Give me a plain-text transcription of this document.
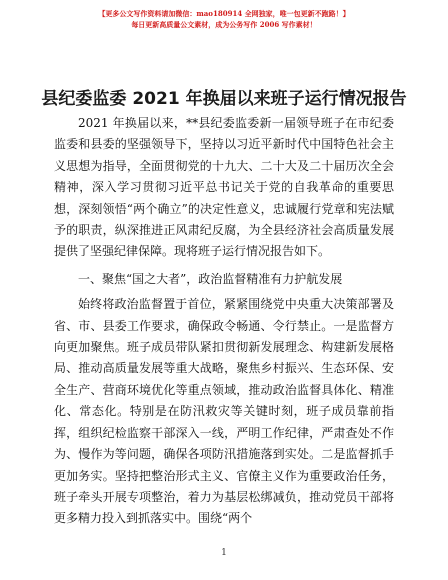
【更多公文写作资料请加微信：mao180914 全网独家，唯一包更新不跑路！】
每日更新高质量公文素材，成为公务写作 2006 写作素材！
县纪委监委 2021 年换届以来班子运行情况报告

2021 年换届以来，**县纪委监委新一届领导班子在市纪委监委和县委的坚强领导下，坚持以习近平新时代中国特色社会主义思想为指导，全面贯彻党的十九大、二十大及二十届历次全会精神，深入学习贯彻习近平总书记关于党的自我革命的重要思想，深刻领悟“两个确立”的决定性意义，忠诚履行党章和宪法赋予的职责，纵深推进正风肃纪反腐，为全县经济社会高质量发展提供了坚强纪律保障。现将班子运行情况报告如下。

一、聚焦“国之大者”，政治监督精准有力护航发展

始终将政治监督置于首位，紧紧围绕党中央重大决策部署及省、市、县委工作要求，确保政令畅通、令行禁止。一是监督方向更加聚焦。班子成员带队紧扣贯彻新发展理念、构建新发展格局、推动高质量发展等重大战略，聚焦乡村振兴、生态环保、安全生产、营商环境优化等重点领域，推动政治监督具体化、精准化、常态化。特别是在防汛救灾等关键时刻，班子成员靠前指挥，组织纪检监察干部深入一线，严明工作纪律，严肃查处不作为、慢作为等问题，确保各项防汛措施落到实处。二是监督抓手更加务实。坚持把整治形式主义、官僚主义作为重要政治任务，班子牵头开展专项整治，着力为基层松绑减负，推动党员干部将更多精力投入到抓落实中。围绕“两个

1
